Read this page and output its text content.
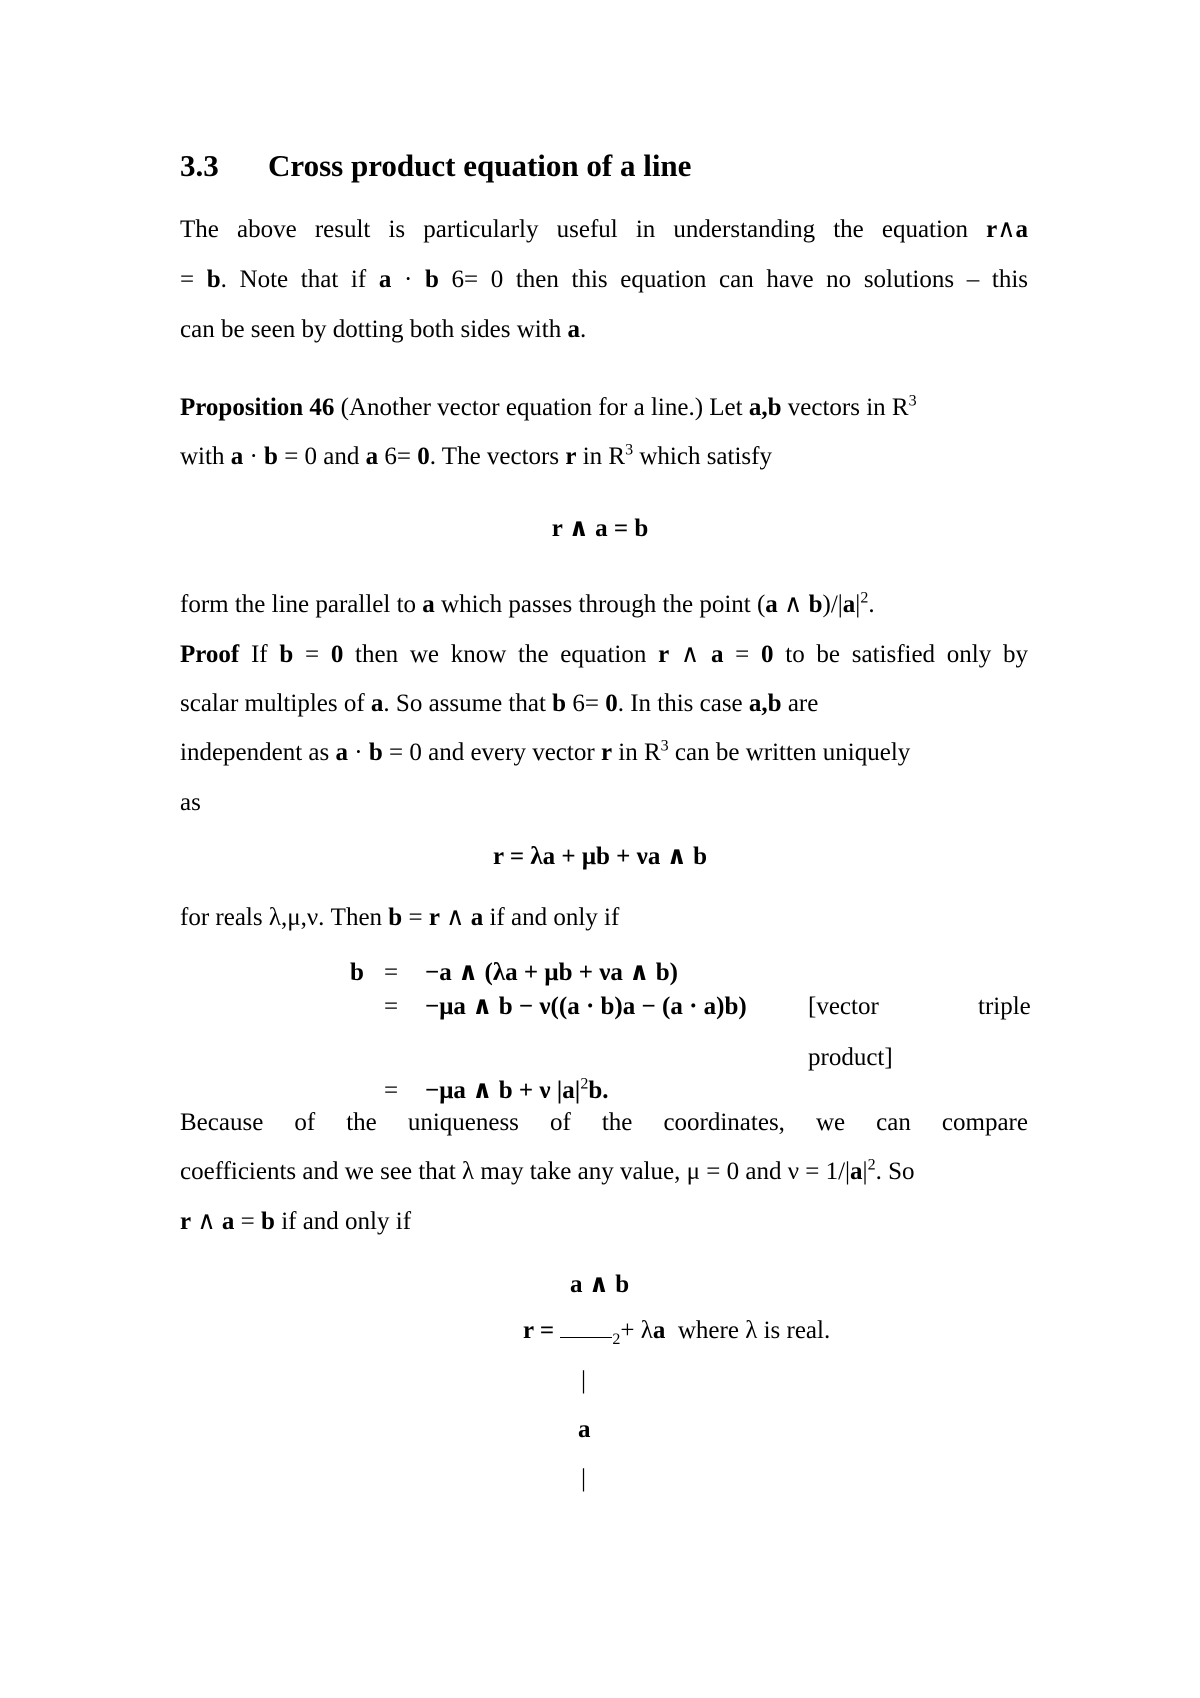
3.3 Cross product equation of a line
The above result is particularly useful in understanding the equation r∧a
= b. Note that if a · b 6= 0 then this equation can have no solutions – this
can be seen by dotting both sides with a.
Proposition 46 (Another vector equation for a line.) Let a,b vectors in $R^3$
with a · b = 0 and a 6= 0. The vectors r in $R^3$ which satisfy
r ∧ a = b
form the line parallel to a which passes through the point (a ∧ $b)/|a|^2$.
Proof If b = 0 then we know the equation r ∧ a = 0 to be satisfied only by
scalar multiples of a. So assume that b 6= 0. In this case a,b are
independent as a · b = 0 and every vector r in $R^3$ can be written uniquely
as
r = λa + μb + νa ∧ b
for reals λ,μ,ν. Then b = r ∧ a if and only if
b = −a ∧ (λa + μb + νa ∧ b)
= −μa ∧ b − ν((a · b)a − (a · a)b) [vector	triple
product]
= −μa ∧ b + ν $|a|^2b$.
Because of the uniqueness of the coordinates, we can compare
coefficients and we see that λ may take any value, μ = 0 and $\nu = 1/|a|^2$. So
r ∧ a = b if and only if
a ∧ b
r =	$_2$+ λa  where λ is real.
|
a
|
